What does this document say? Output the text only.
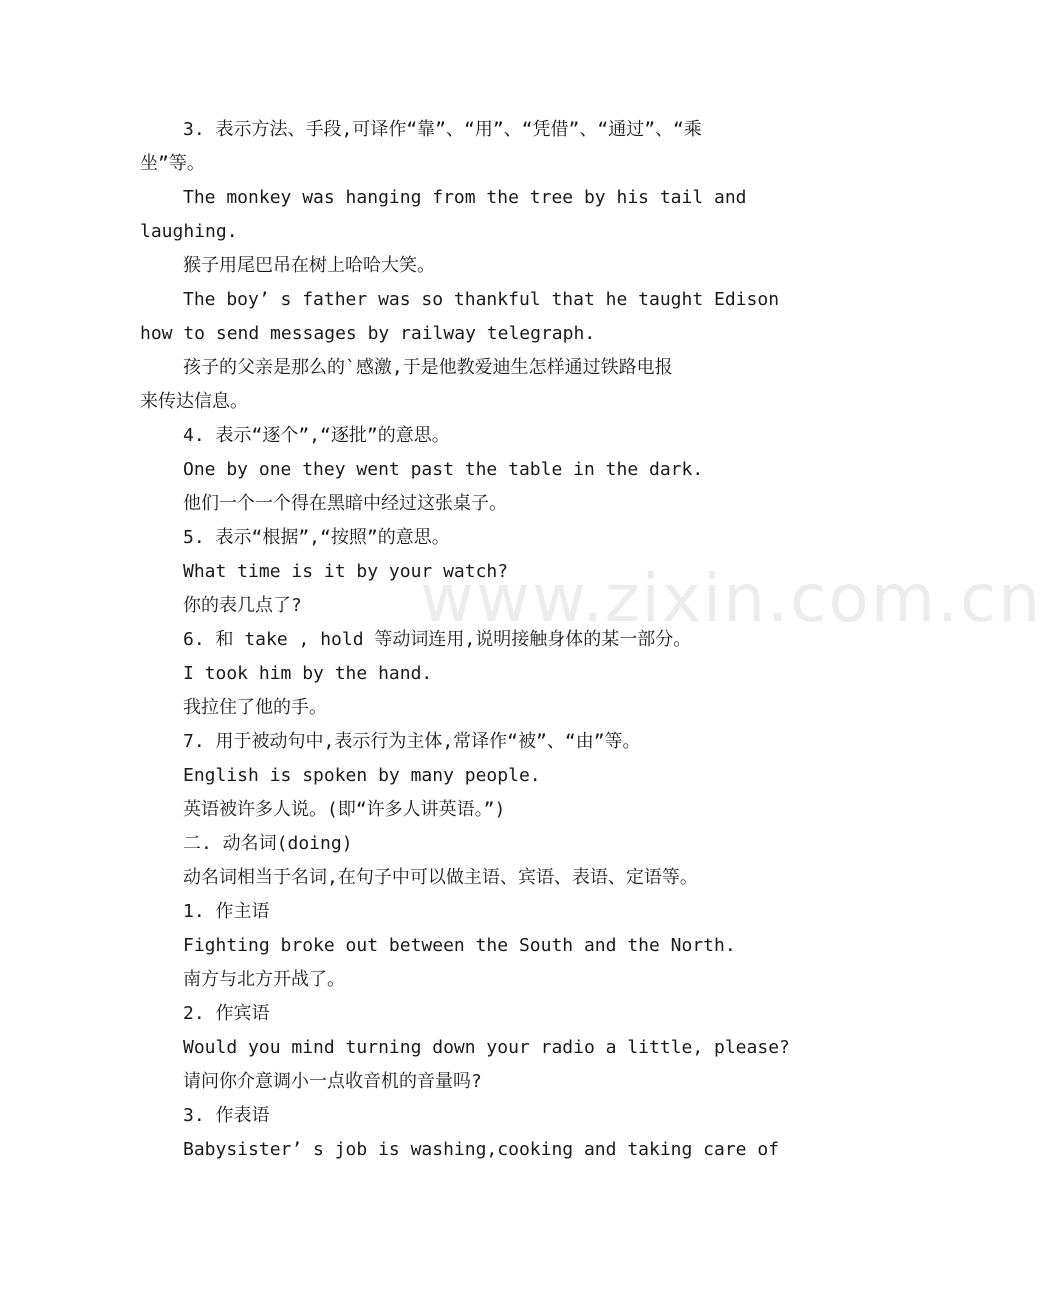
www.zixin.com.cn
3. 表示方法、手段,可译作“靠”、“用”、“凭借”、“通过”、“乘
坐”等。
The monkey was hanging from the tree by his tail and
laughing.
猴子用尾巴吊在树上哈哈大笑。
The boy’ s father was so thankful that he taught Edison
how to send messages by railway telegraph.
孩子的父亲是那么的`感激,于是他教爱迪生怎样通过铁路电报
来传达信息。
4. 表示“逐个”,“逐批”的意思。
One by one they went past the table in the dark.
他们一个一个得在黑暗中经过这张桌子。
5. 表示“根据”,“按照”的意思。
What time is it by your watch?
你的表几点了?
6. 和 take , hold 等动词连用,说明接触身体的某一部分。
I took him by the hand.
我拉住了他的手。
7. 用于被动句中,表示行为主体,常译作“被”、“由”等。
English is spoken by many people.
英语被许多人说。(即“许多人讲英语。”)
二. 动名词(doing)
动名词相当于名词,在句子中可以做主语、宾语、表语、定语等。
1. 作主语
Fighting broke out between the South and the North.
南方与北方开战了。
2. 作宾语
Would you mind turning down your radio a little, please?
请问你介意调小一点收音机的音量吗?
3. 作表语
Babysister’ s job is washing,cooking and taking care of
